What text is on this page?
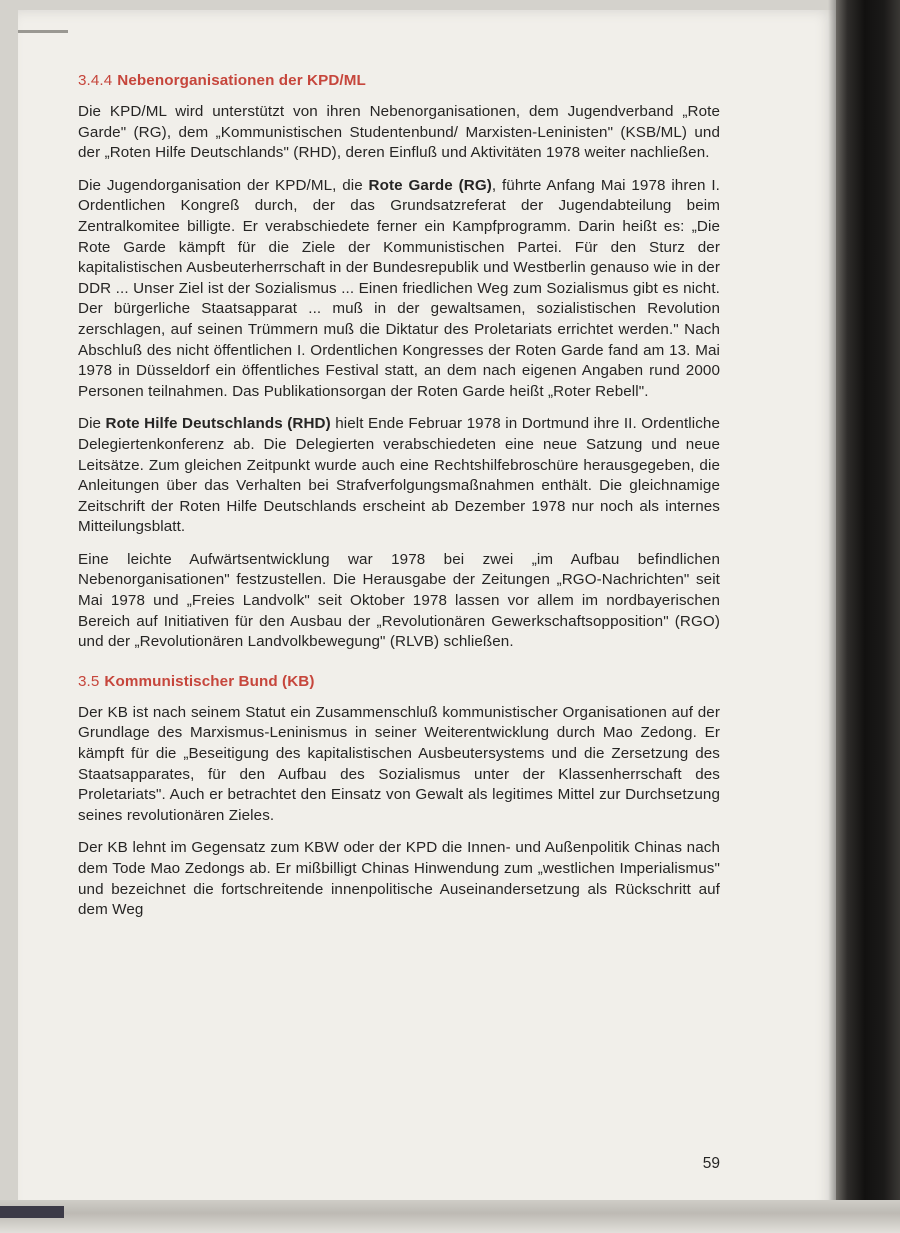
3.4.4 Nebenorganisationen der KPD/ML

Die KPD/ML wird unterstützt von ihren Nebenorganisationen, dem Jugendverband „Rote Garde" (RG), dem „Kommunistischen Studentenbund/ Marxisten-Leninisten" (KSB/ML) und der „Roten Hilfe Deutschlands" (RHD), deren Einfluß und Aktivitäten 1978 weiter nachließen.

Die Jugendorganisation der KPD/ML, die Rote Garde (RG), führte Anfang Mai 1978 ihren I. Ordentlichen Kongreß durch, der das Grundsatzreferat der Jugendabteilung beim Zentralkomitee billigte. Er verabschiedete ferner ein Kampfprogramm. Darin heißt es: „Die Rote Garde kämpft für die Ziele der Kommunistischen Partei. Für den Sturz der kapitalistischen Ausbeuterherrschaft in der Bundesrepublik und Westberlin genauso wie in der DDR ... Unser Ziel ist der Sozialismus ... Einen friedlichen Weg zum Sozialismus gibt es nicht. Der bürgerliche Staatsapparat ... muß in der gewaltsamen, sozialistischen Revolution zerschlagen, auf seinen Trümmern muß die Diktatur des Proletariats errichtet werden." Nach Abschluß des nicht öffentlichen I. Ordentlichen Kongresses der Roten Garde fand am 13. Mai 1978 in Düsseldorf ein öffentliches Festival statt, an dem nach eigenen Angaben rund 2000 Personen teilnahmen. Das Publikationsorgan der Roten Garde heißt „Roter Rebell".

Die Rote Hilfe Deutschlands (RHD) hielt Ende Februar 1978 in Dortmund ihre II. Ordentliche Delegiertenkonferenz ab. Die Delegierten verabschiedeten eine neue Satzung und neue Leitsätze. Zum gleichen Zeitpunkt wurde auch eine Rechtshilfebroschüre herausgegeben, die Anleitungen über das Verhalten bei Strafverfolgungsmaßnahmen enthält. Die gleichnamige Zeitschrift der Roten Hilfe Deutschlands erscheint ab Dezember 1978 nur noch als internes Mitteilungsblatt.

Eine leichte Aufwärtsentwicklung war 1978 bei zwei „im Aufbau befindlichen Nebenorganisationen" festzustellen. Die Herausgabe der Zeitungen „RGO-Nachrichten" seit Mai 1978 und „Freies Landvolk" seit Oktober 1978 lassen vor allem im nordbayerischen Bereich auf Initiativen für den Ausbau der „Revolutionären Gewerkschaftsopposition" (RGO) und der „Revolutionären Landvolkbewegung" (RLVB) schließen.

3.5 Kommunistischer Bund (KB)

Der KB ist nach seinem Statut ein Zusammenschluß kommunistischer Organisationen auf der Grundlage des Marxismus-Leninismus in seiner Weiterentwicklung durch Mao Zedong. Er kämpft für die „Beseitigung des kapitalistischen Ausbeutersystems und die Zersetzung des Staatsapparates, für den Aufbau des Sozialismus unter der Klassenherrschaft des Proletariats". Auch er betrachtet den Einsatz von Gewalt als legitimes Mittel zur Durchsetzung seines revolutionären Zieles.

Der KB lehnt im Gegensatz zum KBW oder der KPD die Innen- und Außenpolitik Chinas nach dem Tode Mao Zedongs ab. Er mißbilligt Chinas Hinwendung zum „westlichen Imperialismus" und bezeichnet die fortschreitende innenpolitische Auseinandersetzung als Rückschritt auf dem Weg

59
